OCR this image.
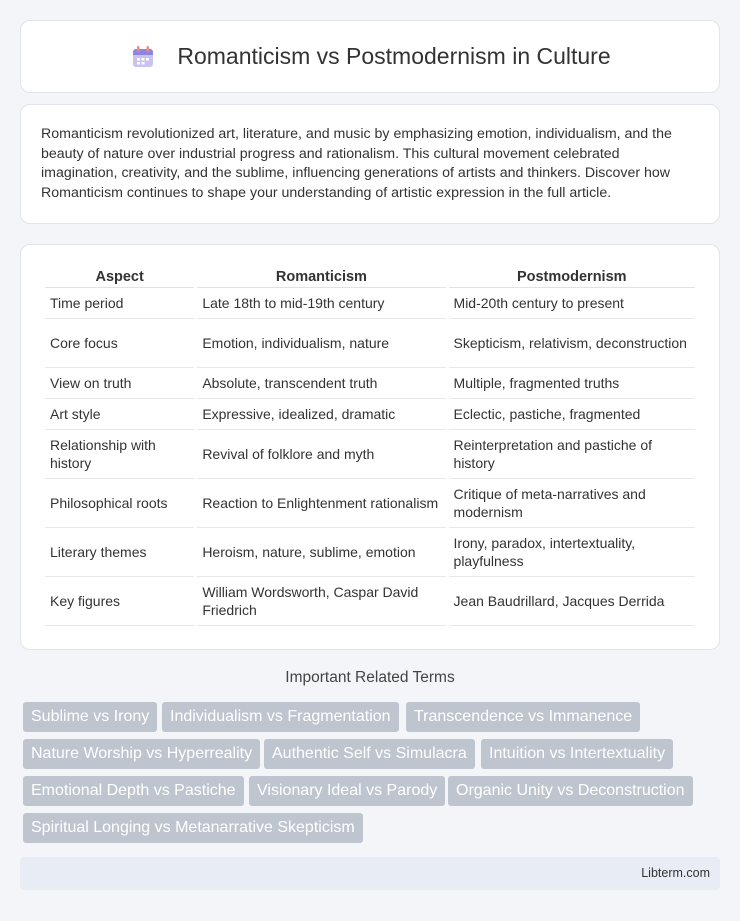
Romanticism vs Postmodernism in Culture

Romanticism revolutionized art, literature, and music by emphasizing emotion, individualism, and the beauty of nature over industrial progress and rationalism. This cultural movement celebrated imagination, creativity, and the sublime, influencing generations of artists and thinkers. Discover how Romanticism continues to shape your understanding of artistic expression in the full article.

Aspect	Romanticism	Postmodernism
Time period	Late 18th to mid-19th century	Mid-20th century to present
Core focus	Emotion, individualism, nature	Skepticism, relativism, deconstruction
View on truth	Absolute, transcendent truth	Multiple, fragmented truths
Art style	Expressive, idealized, dramatic	Eclectic, pastiche, fragmented
Relationship with history	Revival of folklore and myth	Reinterpretation and pastiche of history
Philosophical roots	Reaction to Enlightenment rationalism	Critique of meta-narratives and modernism
Literary themes	Heroism, nature, sublime, emotion	Irony, paradox, intertextuality, playfulness
Key figures	William Wordsworth, Caspar David Friedrich	Jean Baudrillard, Jacques Derrida
Important Related Terms
Sublime vs Irony	Individualism vs Fragmentation	Transcendence vs Immanence
Nature Worship vs Hyperreality	Authentic Self vs Simulacra	Intuition vs Intertextuality
Emotional Depth vs Pastiche	Visionary Ideal vs Parody	Organic Unity vs Deconstruction
Spiritual Longing vs Metanarrative Skepticism
Libterm.com
